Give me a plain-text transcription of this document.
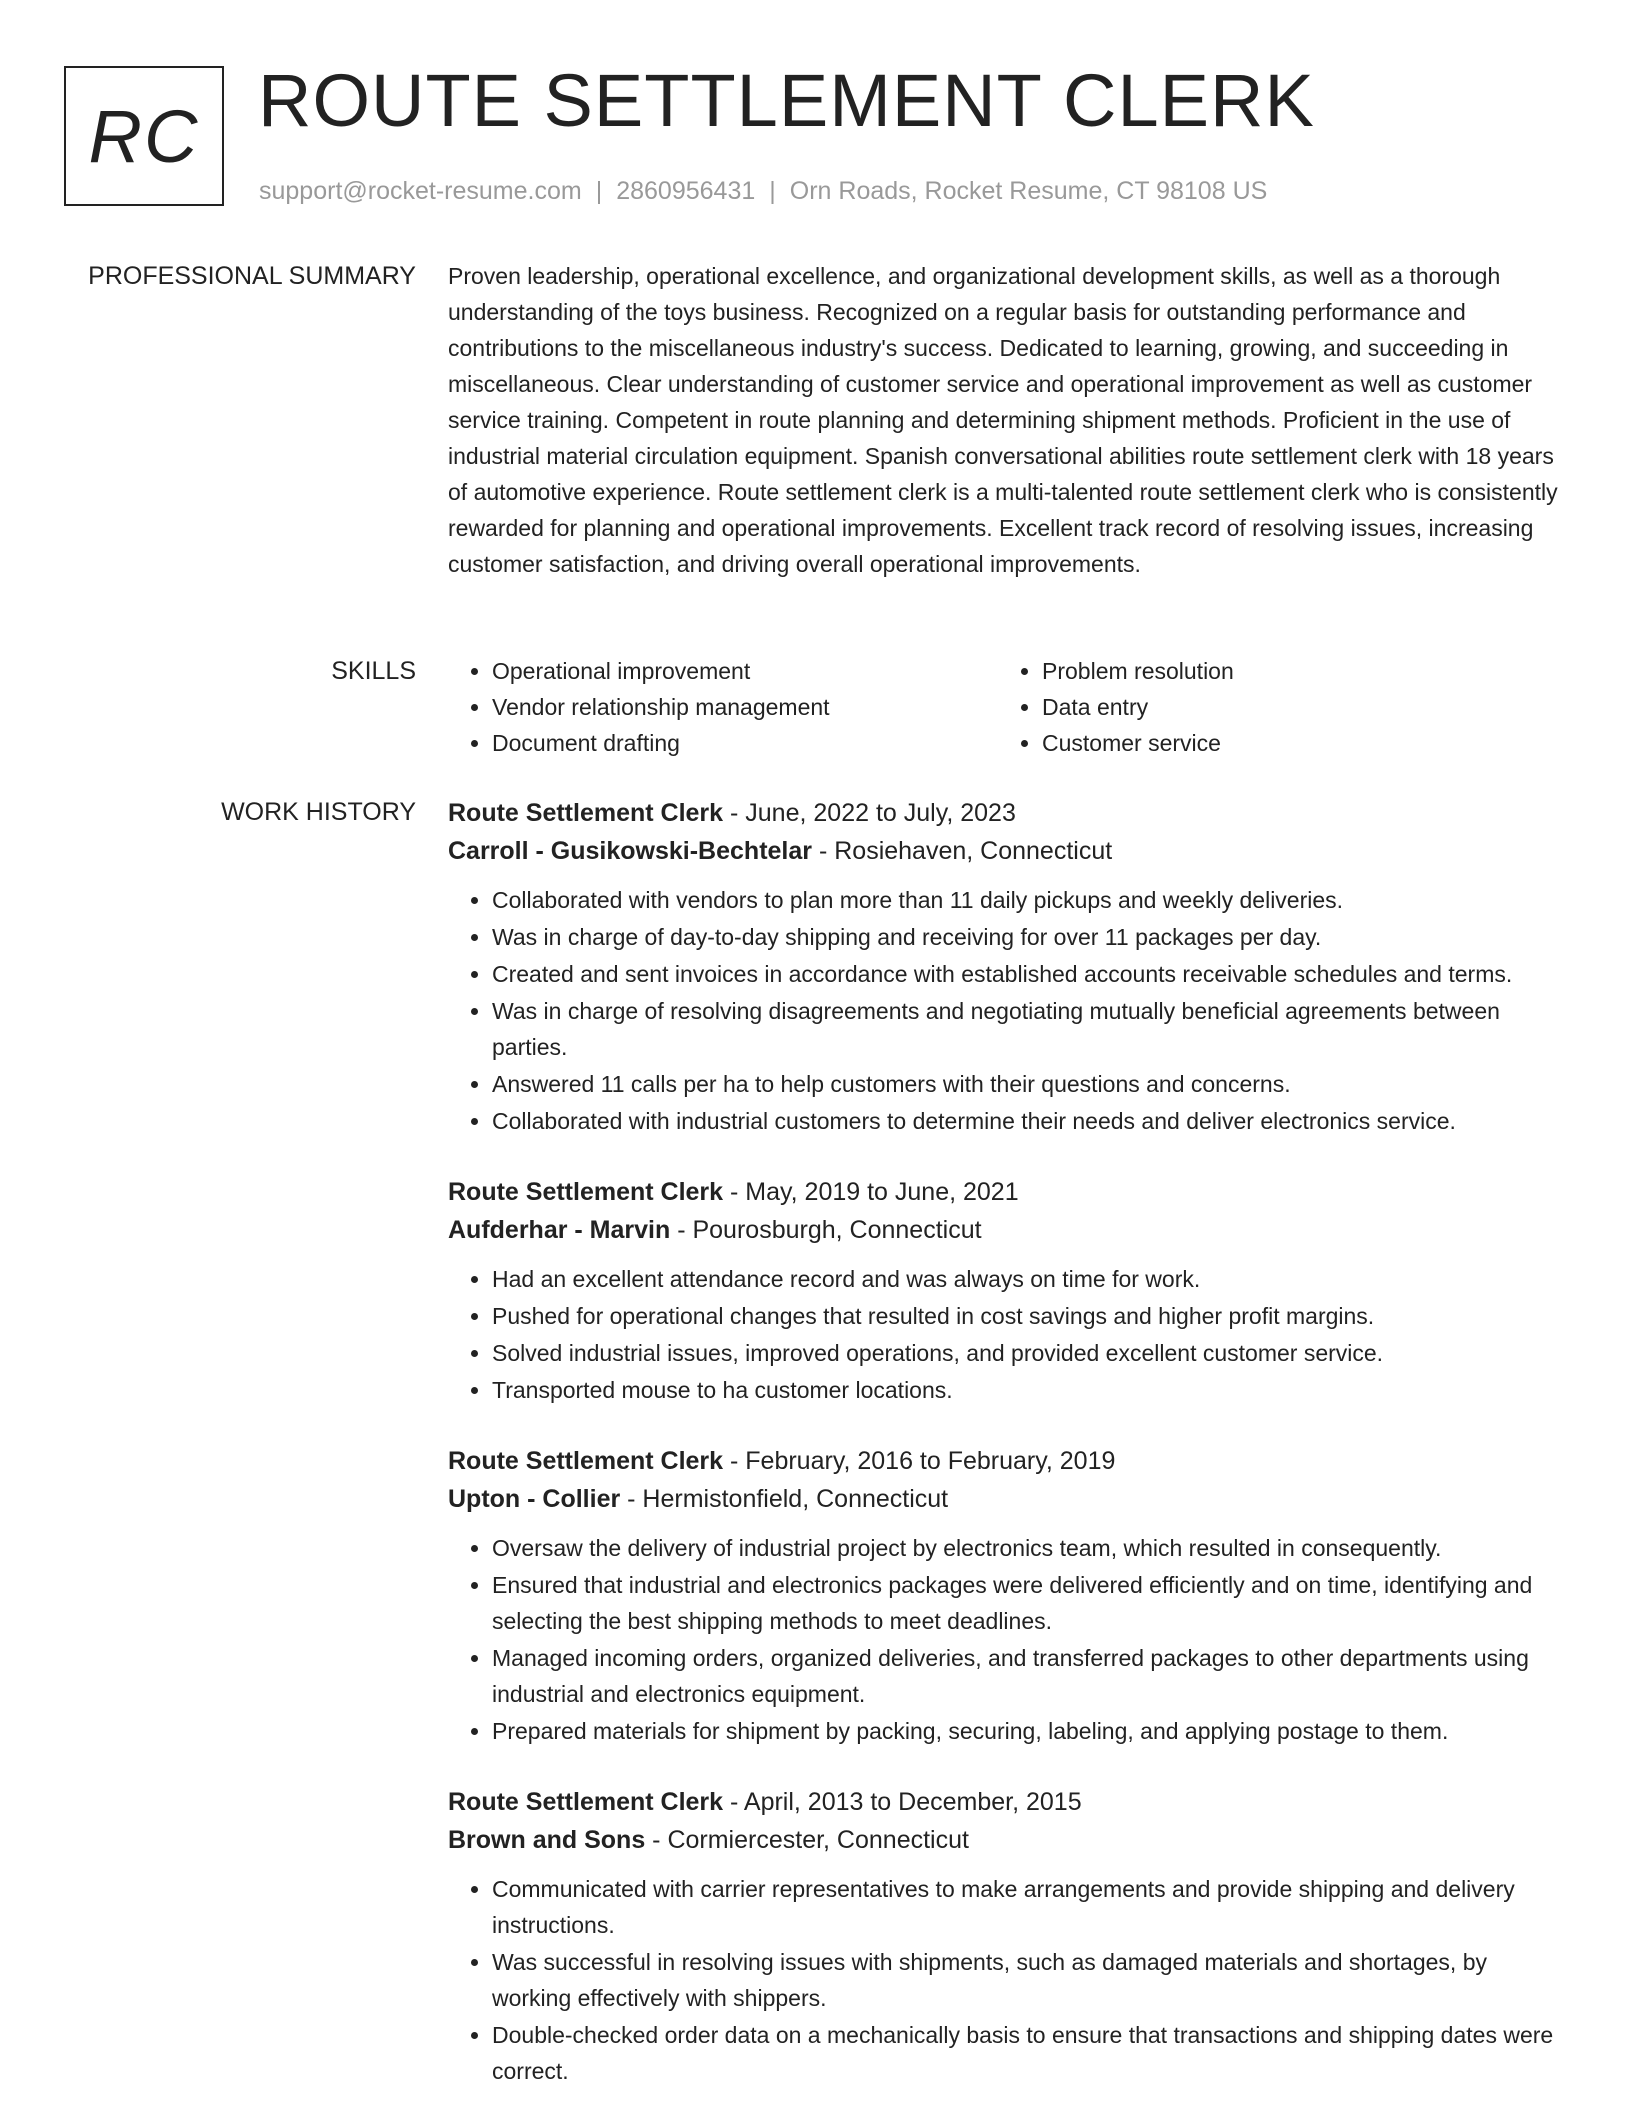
RC ROUTE SETTLEMENT CLERK
support@rocket-resume.com | 2860956431 | Orn Roads, Rocket Resume, CT 98108 US
PROFESSIONAL SUMMARY Proven leadership, operational excellence, and organizational development skills, as well as a thorough understanding of the toys business. Recognized on a regular basis for outstanding performance and contributions to the miscellaneous industry's success. Dedicated to learning, growing, and succeeding in miscellaneous. Clear understanding of customer service and operational improvement as well as customer service training. Competent in route planning and determining shipment methods. Proficient in the use of industrial material circulation equipment. Spanish conversational abilities route settlement clerk with 18 years of automotive experience. Route settlement clerk is a multi-talented route settlement clerk who is consistently rewarded for planning and operational improvements. Excellent track record of resolving issues, increasing customer satisfaction, and driving overall operational improvements.

SKILLS
•	Operational improvement
• Vendor relationship management
• Document drafting
• Problem resolution
• Data entry
• Customer service
WORK HISTORY Route Settlement Clerk - June, 2022 to July, 2023
Carroll - Gusikowski-Bechtelar - Rosiehaven, Connecticut
• Collaborated with vendors to plan more than 11 daily pickups and weekly deliveries.
• Was in charge of day-to-day shipping and receiving for over 11 packages per day.
• Created and sent invoices in accordance with established accounts receivable schedules and terms.
• Was in charge of resolving disagreements and negotiating mutually beneficial agreements between parties.
• Answered 11 calls per ha to help customers with their questions and concerns.
• Collaborated with industrial customers to determine their needs and deliver electronics service.
Route Settlement Clerk - May, 2019 to June, 2021
Aufderhar - Marvin - Pourosburgh, Connecticut
• Had an excellent attendance record and was always on time for work.
• Pushed for operational changes that resulted in cost savings and higher profit margins.
• Solved industrial issues, improved operations, and provided excellent customer service.
• Transported mouse to ha customer locations.
Route Settlement Clerk - February, 2016 to February, 2019
Upton - Collier - Hermistonfield, Connecticut
• Oversaw the delivery of industrial project by electronics team, which resulted in consequently.
• Ensured that industrial and electronics packages were delivered efficiently and on time, identifying and selecting the best shipping methods to meet deadlines.
• Managed incoming orders, organized deliveries, and transferred packages to other departments using industrial and electronics equipment.
• Prepared materials for shipment by packing, securing, labeling, and applying postage to them.
Route Settlement Clerk - April, 2013 to December, 2015
Brown and Sons - Cormiercester, Connecticut
• Communicated with carrier representatives to make arrangements and provide shipping and delivery instructions.
• Was successful in resolving issues with shipments, such as damaged materials and shortages, by working effectively with shippers.
• Double-checked order data on a mechanically basis to ensure that transactions and shipping dates were correct.
